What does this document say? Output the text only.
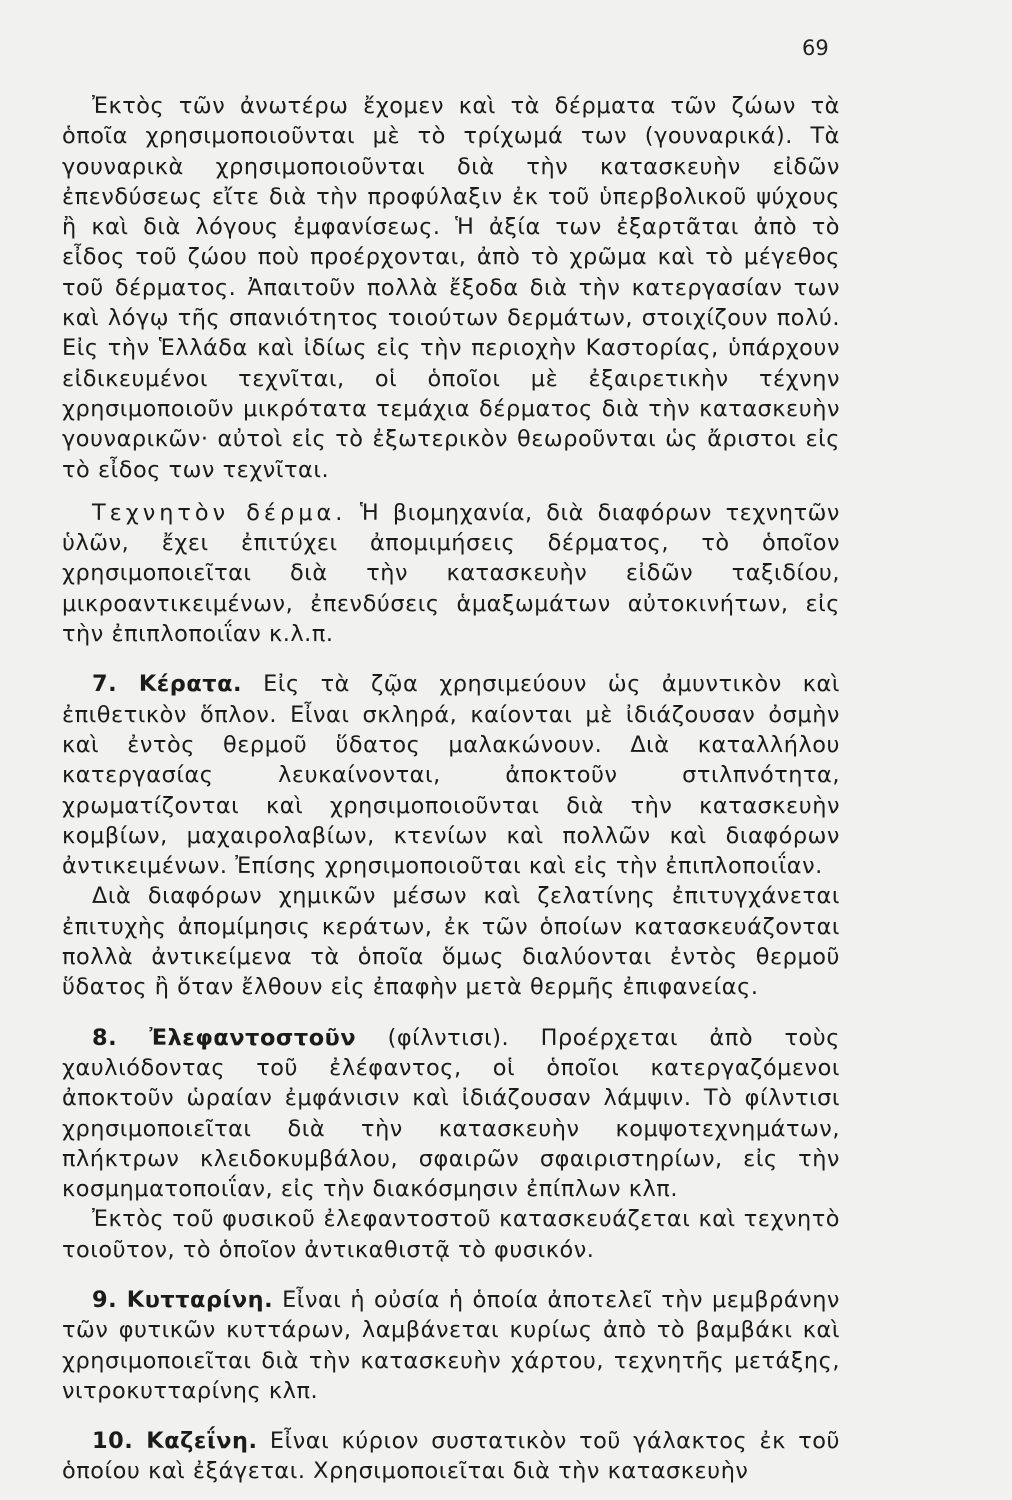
69

Ἐκτὸς τῶν ἀνωτέρω ἔχομεν καὶ τὰ δέρματα τῶν ζώων τὰ ὁποῖα χρησιμοποιοῦνται μὲ τὸ τρίχωμά των (γουναρικά). Τὰ γουναρικὰ χρησιμοποιοῦνται διὰ τὴν κατασκευὴν εἰδῶν ἐπενδύσεως εἴτε διὰ τὴν προφύλαξιν ἐκ τοῦ ὑπερβολικοῦ ψύχους ἢ καὶ διὰ λόγους ἐμφανίσεως. Ἡ ἀξία των ἐξαρτᾶται ἀπὸ τὸ εἶδος τοῦ ζώου ποὺ προέρχονται, ἀπὸ τὸ χρῶμα καὶ τὸ μέγεθος τοῦ δέρματος. Ἀπαιτοῦν πολλὰ ἔξοδα διὰ τὴν κατεργασίαν των καὶ λόγῳ τῆς σπανιότητος τοιούτων δερμάτων, στοιχίζουν πολύ. Εἰς τὴν Ἑλλάδα καὶ ἰδίως εἰς τὴν περιοχὴν Καστορίας, ὑπάρχουν εἰδικευμένοι τεχνῖται, οἱ ὁποῖοι μὲ ἐξαιρετικὴν τέχνην χρησιμοποιοῦν μικρότατα τεμάχια δέρματος διὰ τὴν κατασκευὴν γουναρικῶν· αὐτοὶ εἰς τὸ ἐξωτερικὸν θεωροῦνται ὡς ἄριστοι εἰς τὸ εἶδος των τεχνῖται.

Τεχνητὸν δέρμα. Ἡ βιομηχανία, διὰ διαφόρων τεχνητῶν ὑλῶν, ἔχει ἐπιτύχει ἀπομιμήσεις δέρματος, τὸ ὁποῖον χρησιμοποιεῖται διὰ τὴν κατασκευὴν εἰδῶν ταξιδίου, μικροαντικειμένων, ἐπενδύσεις ἁμαξωμάτων αὐτοκινήτων, εἰς τὴν ἐπιπλοποιΐαν κ.λ.π.

7. Κέρατα. Εἰς τὰ ζῷα χρησιμεύουν ὡς ἀμυντικὸν καὶ ἐπιθετικὸν ὅπλον. Εἶναι σκληρά, καίονται μὲ ἰδιάζουσαν ὀσμὴν καὶ ἐντὸς θερμοῦ ὕδατος μαλακώνουν. Διὰ καταλλήλου κατεργασίας λευκαίνονται, ἀποκτοῦν στιλπνότητα, χρωματίζονται καὶ χρησιμοποιοῦνται διὰ τὴν κατασκευὴν κομβίων, μαχαιρολαβίων, κτενίων καὶ πολλῶν καὶ διαφόρων ἀντικειμένων. Ἐπίσης χρησιμοποιοῦται καὶ εἰς τὴν ἐπιπλοποιΐαν.

Διὰ διαφόρων χημικῶν μέσων καὶ ζελατίνης ἐπιτυγχάνεται ἐπιτυχὴς ἀπομίμησις κεράτων, ἐκ τῶν ὁποίων κατασκευάζονται πολλὰ ἀντικείμενα τὰ ὁποῖα ὅμως διαλύονται ἐντὸς θερμοῦ ὕδατος ἢ ὅταν ἔλθουν εἰς ἐπαφὴν μετὰ θερμῆς ἐπιφανείας.

8. Ἐλεφαντοστοῦν (φίλντισι). Προέρχεται ἀπὸ τοὺς χαυλιόδοντας τοῦ ἐλέφαντος, οἱ ὁποῖοι κατεργαζόμενοι ἀποκτοῦν ὡραίαν ἐμφάνισιν καὶ ἰδιάζουσαν λάμψιν. Τὸ φίλντισι χρησιμοποιεῖται διὰ τὴν κατασκευὴν κομψοτεχνημάτων, πλήκτρων κλειδοκυμβάλου, σφαιρῶν σφαιριστηρίων, εἰς τὴν κοσμηματοποιΐαν, εἰς τὴν διακόσμησιν ἐπίπλων κλπ.

Ἐκτὸς τοῦ φυσικοῦ ἐλεφαντοστοῦ κατασκευάζεται καὶ τεχνητὸ τοιοῦτον, τὸ ὁποῖον ἀντικαθιστᾷ τὸ φυσικόν.

9. Κυτταρίνη. Εἶναι ἡ οὐσία ἡ ὁποία ἀποτελεῖ τὴν μεμβράνην τῶν φυτικῶν κυττάρων, λαμβάνεται κυρίως ἀπὸ τὸ βαμβάκι καὶ χρησιμοποιεῖται διὰ τὴν κατασκευὴν χάρτου, τεχνητῆς μετάξης, νιτροκυτταρίνης κλπ.

10. Καζεΐνη. Εἶναι κύριον συστατικὸν τοῦ γάλακτος ἐκ τοῦ ὁποίου καὶ ἐξάγεται. Χρησιμοποιεῖται διὰ τὴν κατασκευὴν
